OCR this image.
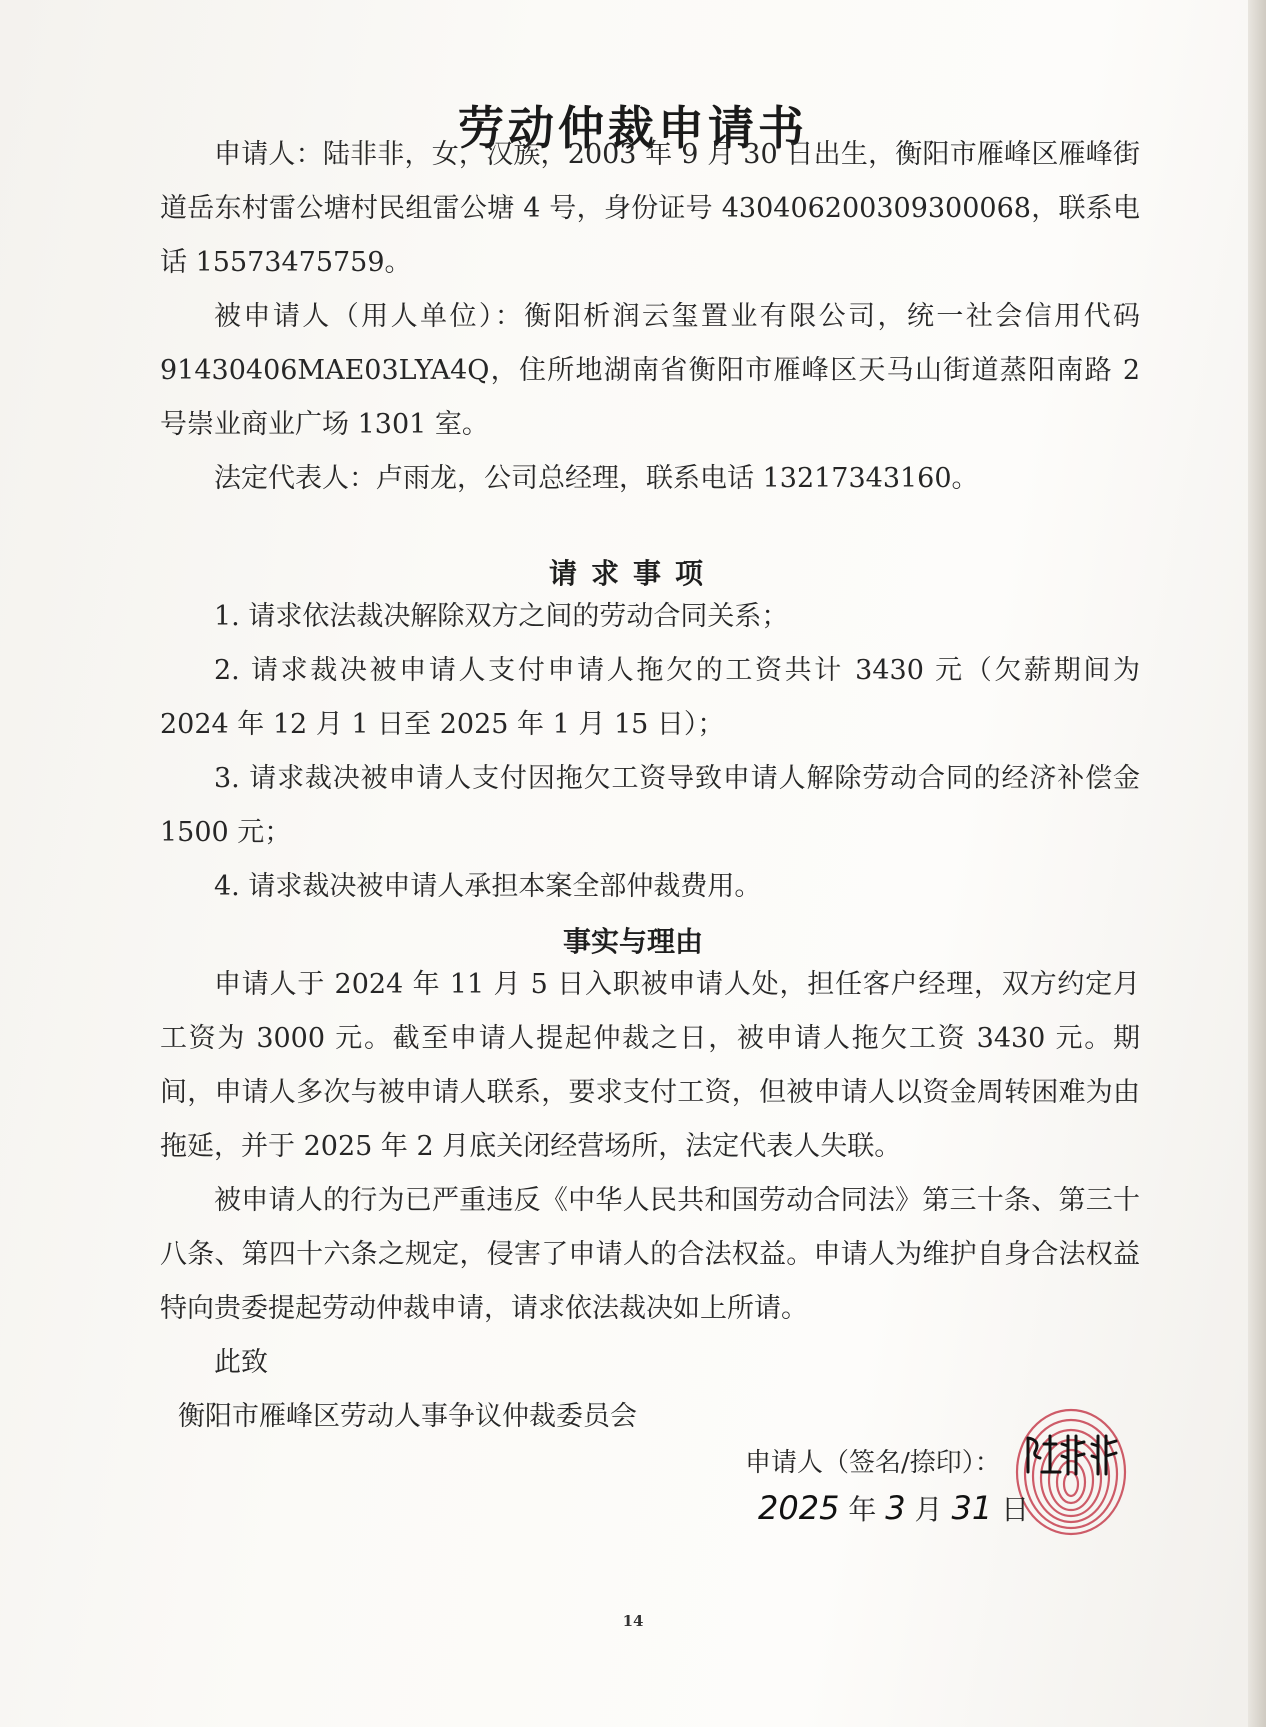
劳动仲裁申请书
申请人：陆非非，女，汉族，2003 年 9 月 30 日出生，衡阳市雁峰区雁峰街道岳东村雷公塘村民组雷公塘 4 号，身份证号 430406200309300068，联系电话 15573475759。
被申请人（用人单位）：衡阳析润云玺置业有限公司，统一社会信用代码 91430406MAE03LYA4Q，住所地湖南省衡阳市雁峰区天马山街道蒸阳南路 2 号崇业商业广场 1301 室。
法定代表人：卢雨龙，公司总经理，联系电话 13217343160。
请求事项
1. 请求依法裁决解除双方之间的劳动合同关系；
2. 请求裁决被申请人支付申请人拖欠的工资共计 3430 元（欠薪期间为 2024 年 12 月 1 日至 2025 年 1 月 15 日）；
3. 请求裁决被申请人支付因拖欠工资导致申请人解除劳动合同的经济补偿金 1500 元；
4. 请求裁决被申请人承担本案全部仲裁费用。
事实与理由
申请人于 2024 年 11 月 5 日入职被申请人处，担任客户经理，双方约定月工资为 3000 元。截至申请人提起仲裁之日，被申请人拖欠工资 3430 元。期间，申请人多次与被申请人联系，要求支付工资，但被申请人以资金周转困难为由拖延，并于 2025 年 2 月底关闭经营场所，法定代表人失联。
被申请人的行为已严重违反《中华人民共和国劳动合同法》第三十条、第三十八条、第四十六条之规定，侵害了申请人的合法权益。申请人为维护自身合法权益特向贵委提起劳动仲裁申请，请求依法裁决如上所请。
此致
衡阳市雁峰区劳动人事争议仲裁委员会
申请人（签名/捺印）：
2025 年 3 月 31 日
14
